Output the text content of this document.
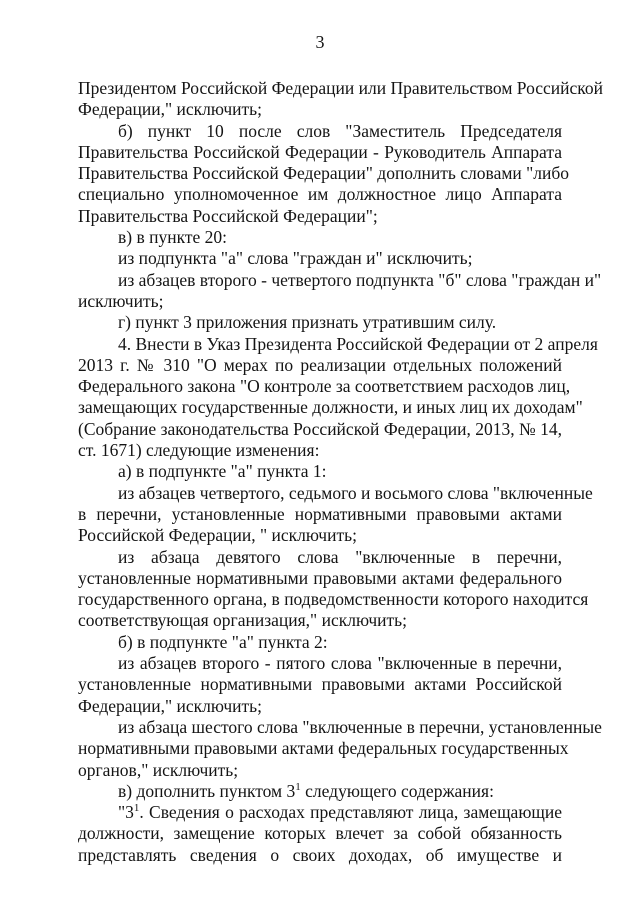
3
Президентом Российской Федерации или Правительством Российской
Федерации," исключить;
б) пункт 10 после слов "Заместитель Председателя
Правительства Российской Федерации - Руководитель Аппарата
Правительства Российской Федерации" дополнить словами "либо
специально уполномоченное им должностное лицо Аппарата
Правительства Российской Федерации";
в) в пункте 20:
из подпункта "а" слова "граждан и" исключить;
из абзацев второго - четвертого подпункта "б" слова "граждан и"
исключить;
г) пункт 3 приложения признать утратившим силу.
4. Внести в Указ Президента Российской Федерации от 2 апреля
2013 г. № 310 "О мерах по реализации отдельных положений
Федерального закона "О контроле за соответствием расходов лиц,
замещающих государственные должности, и иных лиц их доходам"
(Собрание законодательства Российской Федерации, 2013, № 14,
ст. 1671) следующие изменения:
а) в подпункте "а" пункта 1:
из абзацев четвертого, седьмого и восьмого слова "включенные
в перечни, установленные нормативными правовыми актами
Российской Федерации, " исключить;
из абзаца девятого слова "включенные в перечни,
установленные нормативными правовыми актами федерального
государственного органа, в подведомственности которого находится
соответствующая организация," исключить;
б) в подпункте "а" пункта 2:
из абзацев второго - пятого слова "включенные в перечни,
установленные нормативными правовыми актами Российской
Федерации," исключить;
из абзаца шестого слова "включенные в перечни, установленные
нормативными правовыми актами федеральных государственных
органов," исключить;
в) дополнить пунктом $3^1$ следующего содержания:
"$3^1$. Сведения о расходах представляют лица, замещающие
должности, замещение которых влечет за собой обязанность
представлять сведения о своих доходах, об имуществе и
